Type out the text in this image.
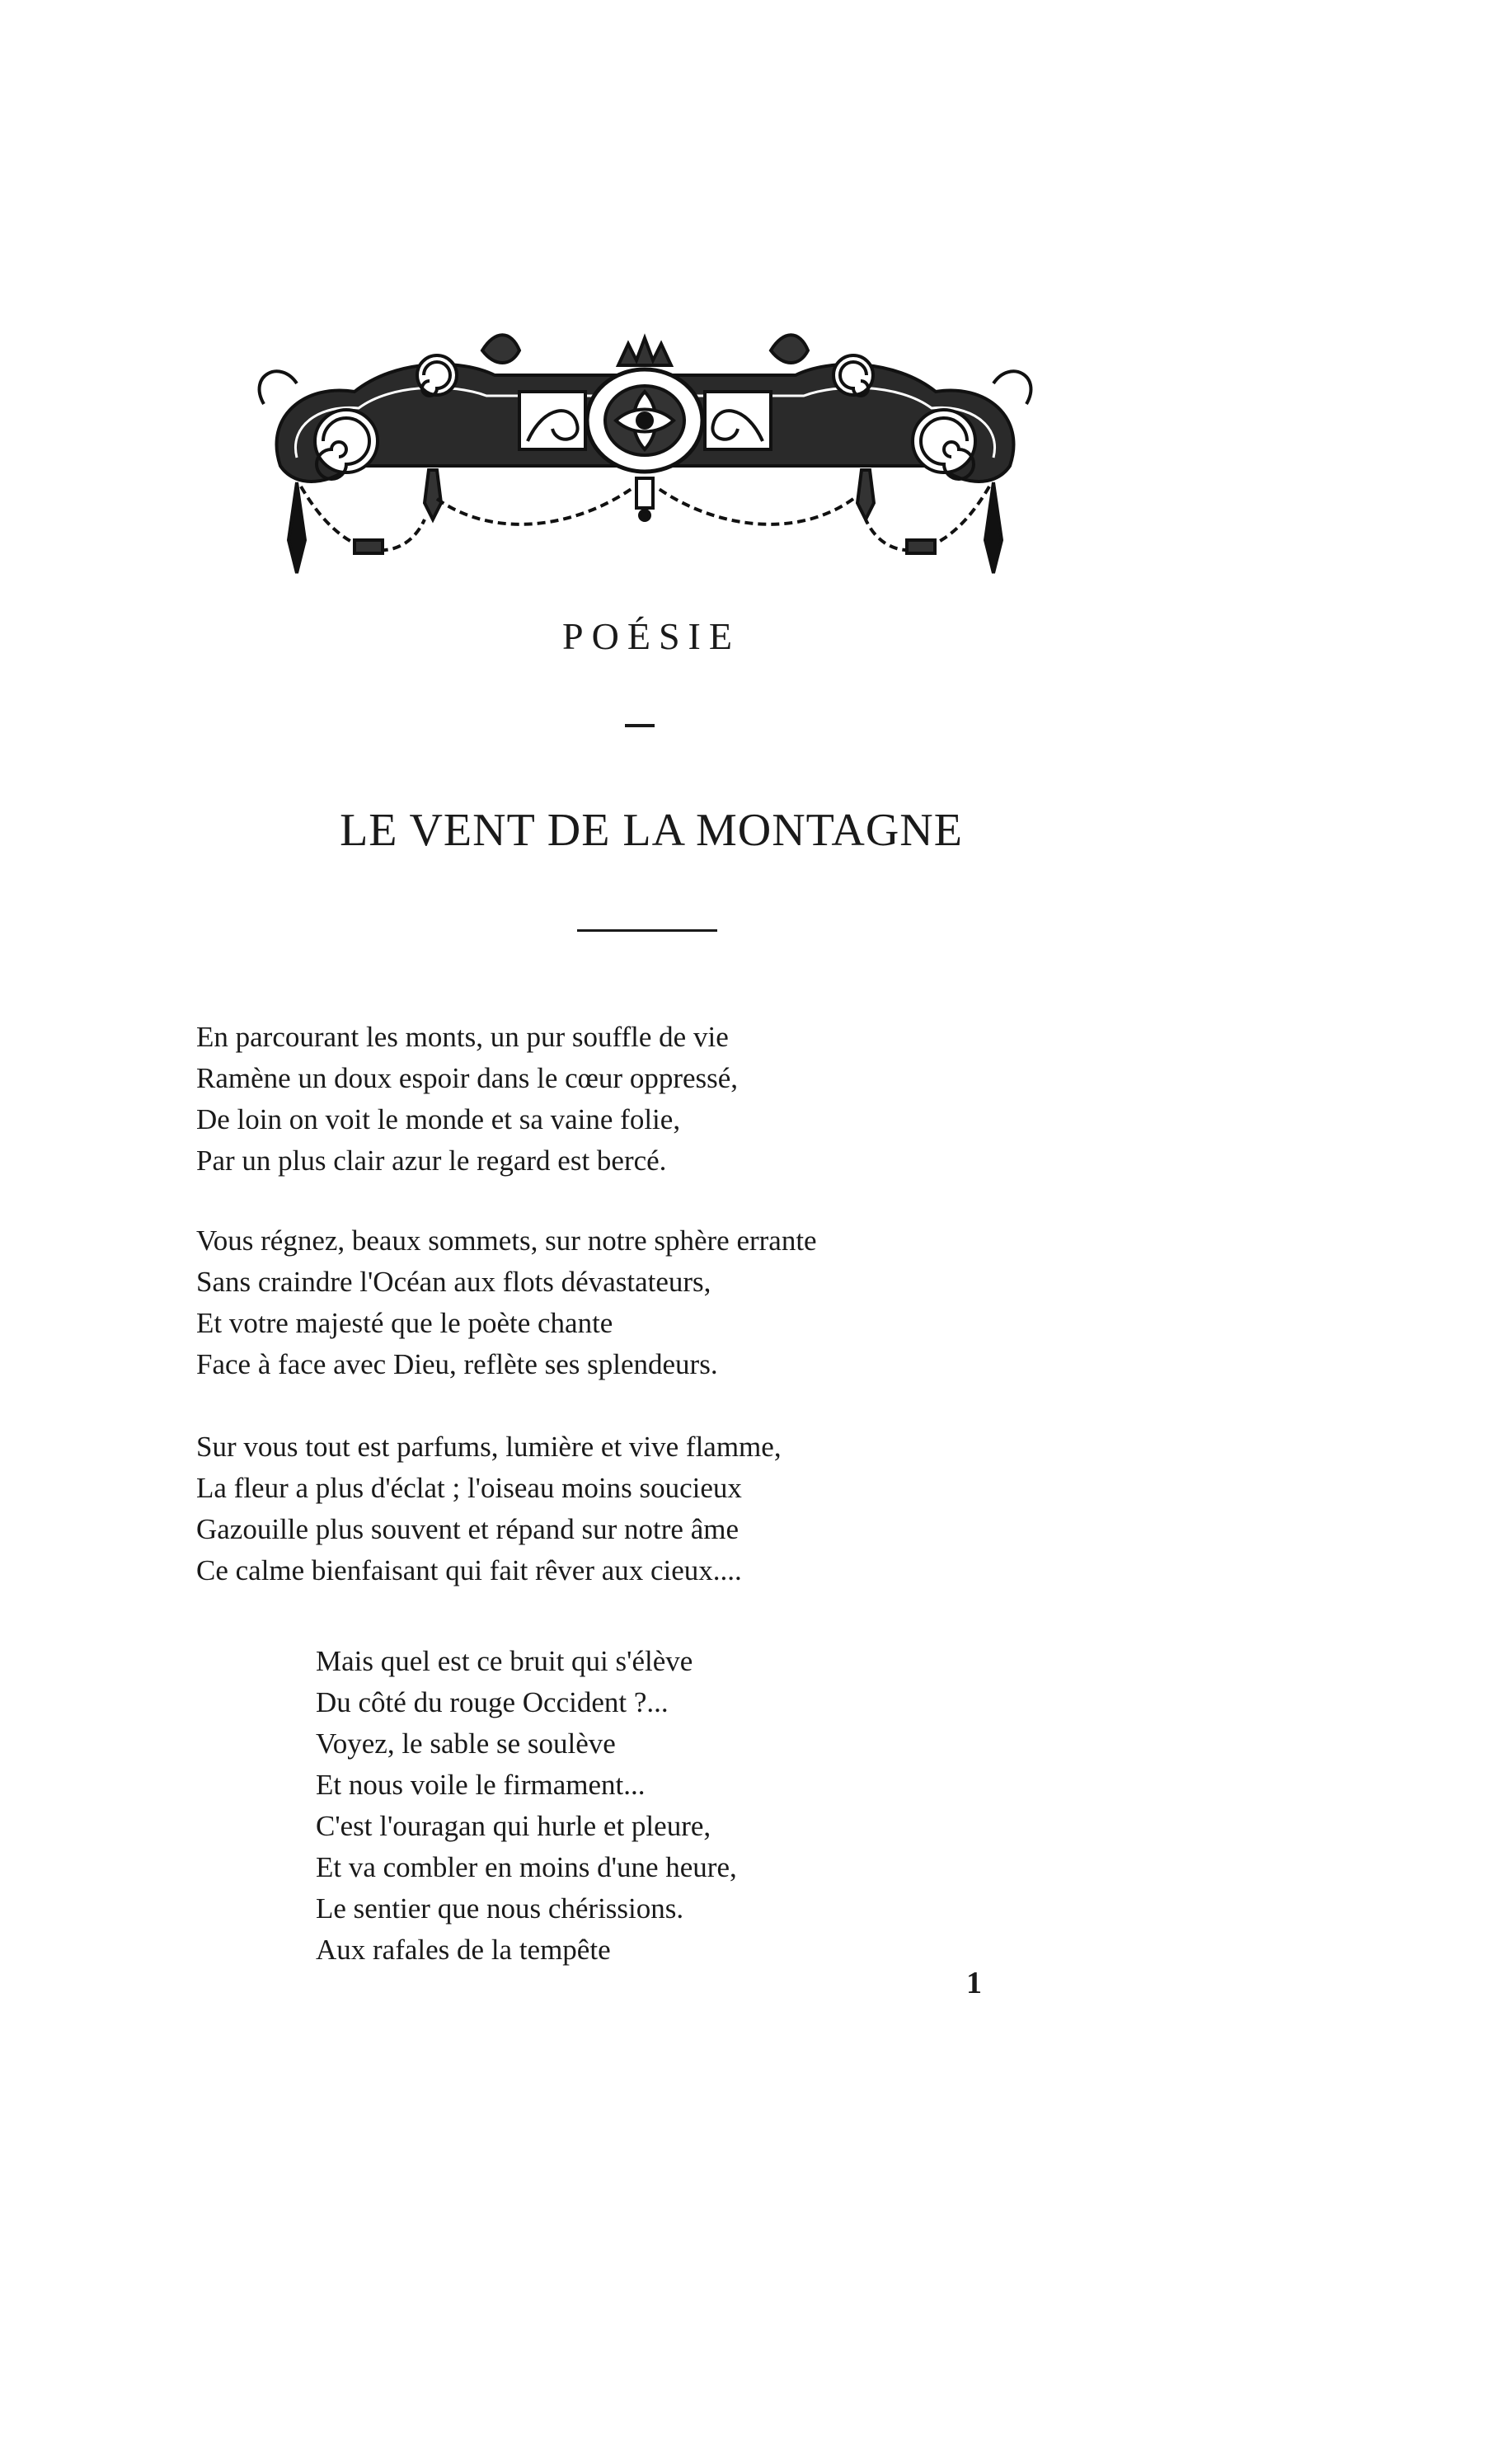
POÉSIE
LE VENT DE LA MONTAGNE
En parcourant les monts, un pur souffle de vie
Ramène un doux espoir dans le cœur oppressé,
De loin on voit le monde et sa vaine folie,
Par un plus clair azur le regard est bercé.
Vous régnez, beaux sommets, sur notre sphère errante
Sans craindre l'Océan aux flots dévastateurs,
Et votre majesté que le poète chante
Face à face avec Dieu, reflète ses splendeurs.
Sur vous tout est parfums, lumière et vive flamme,
La fleur a plus d'éclat ; l'oiseau moins soucieux
Gazouille plus souvent et répand sur notre âme
Ce calme bienfaisant qui fait rêver aux cieux....
Mais quel est ce bruit qui s'élève
Du côté du rouge Occident ?...
Voyez, le sable se soulève
Et nous voile le firmament...
C'est l'ouragan qui hurle et pleure,
Et va combler en moins d'une heure,
Le sentier que nous chérissions.
Aux rafales de la tempête
1
